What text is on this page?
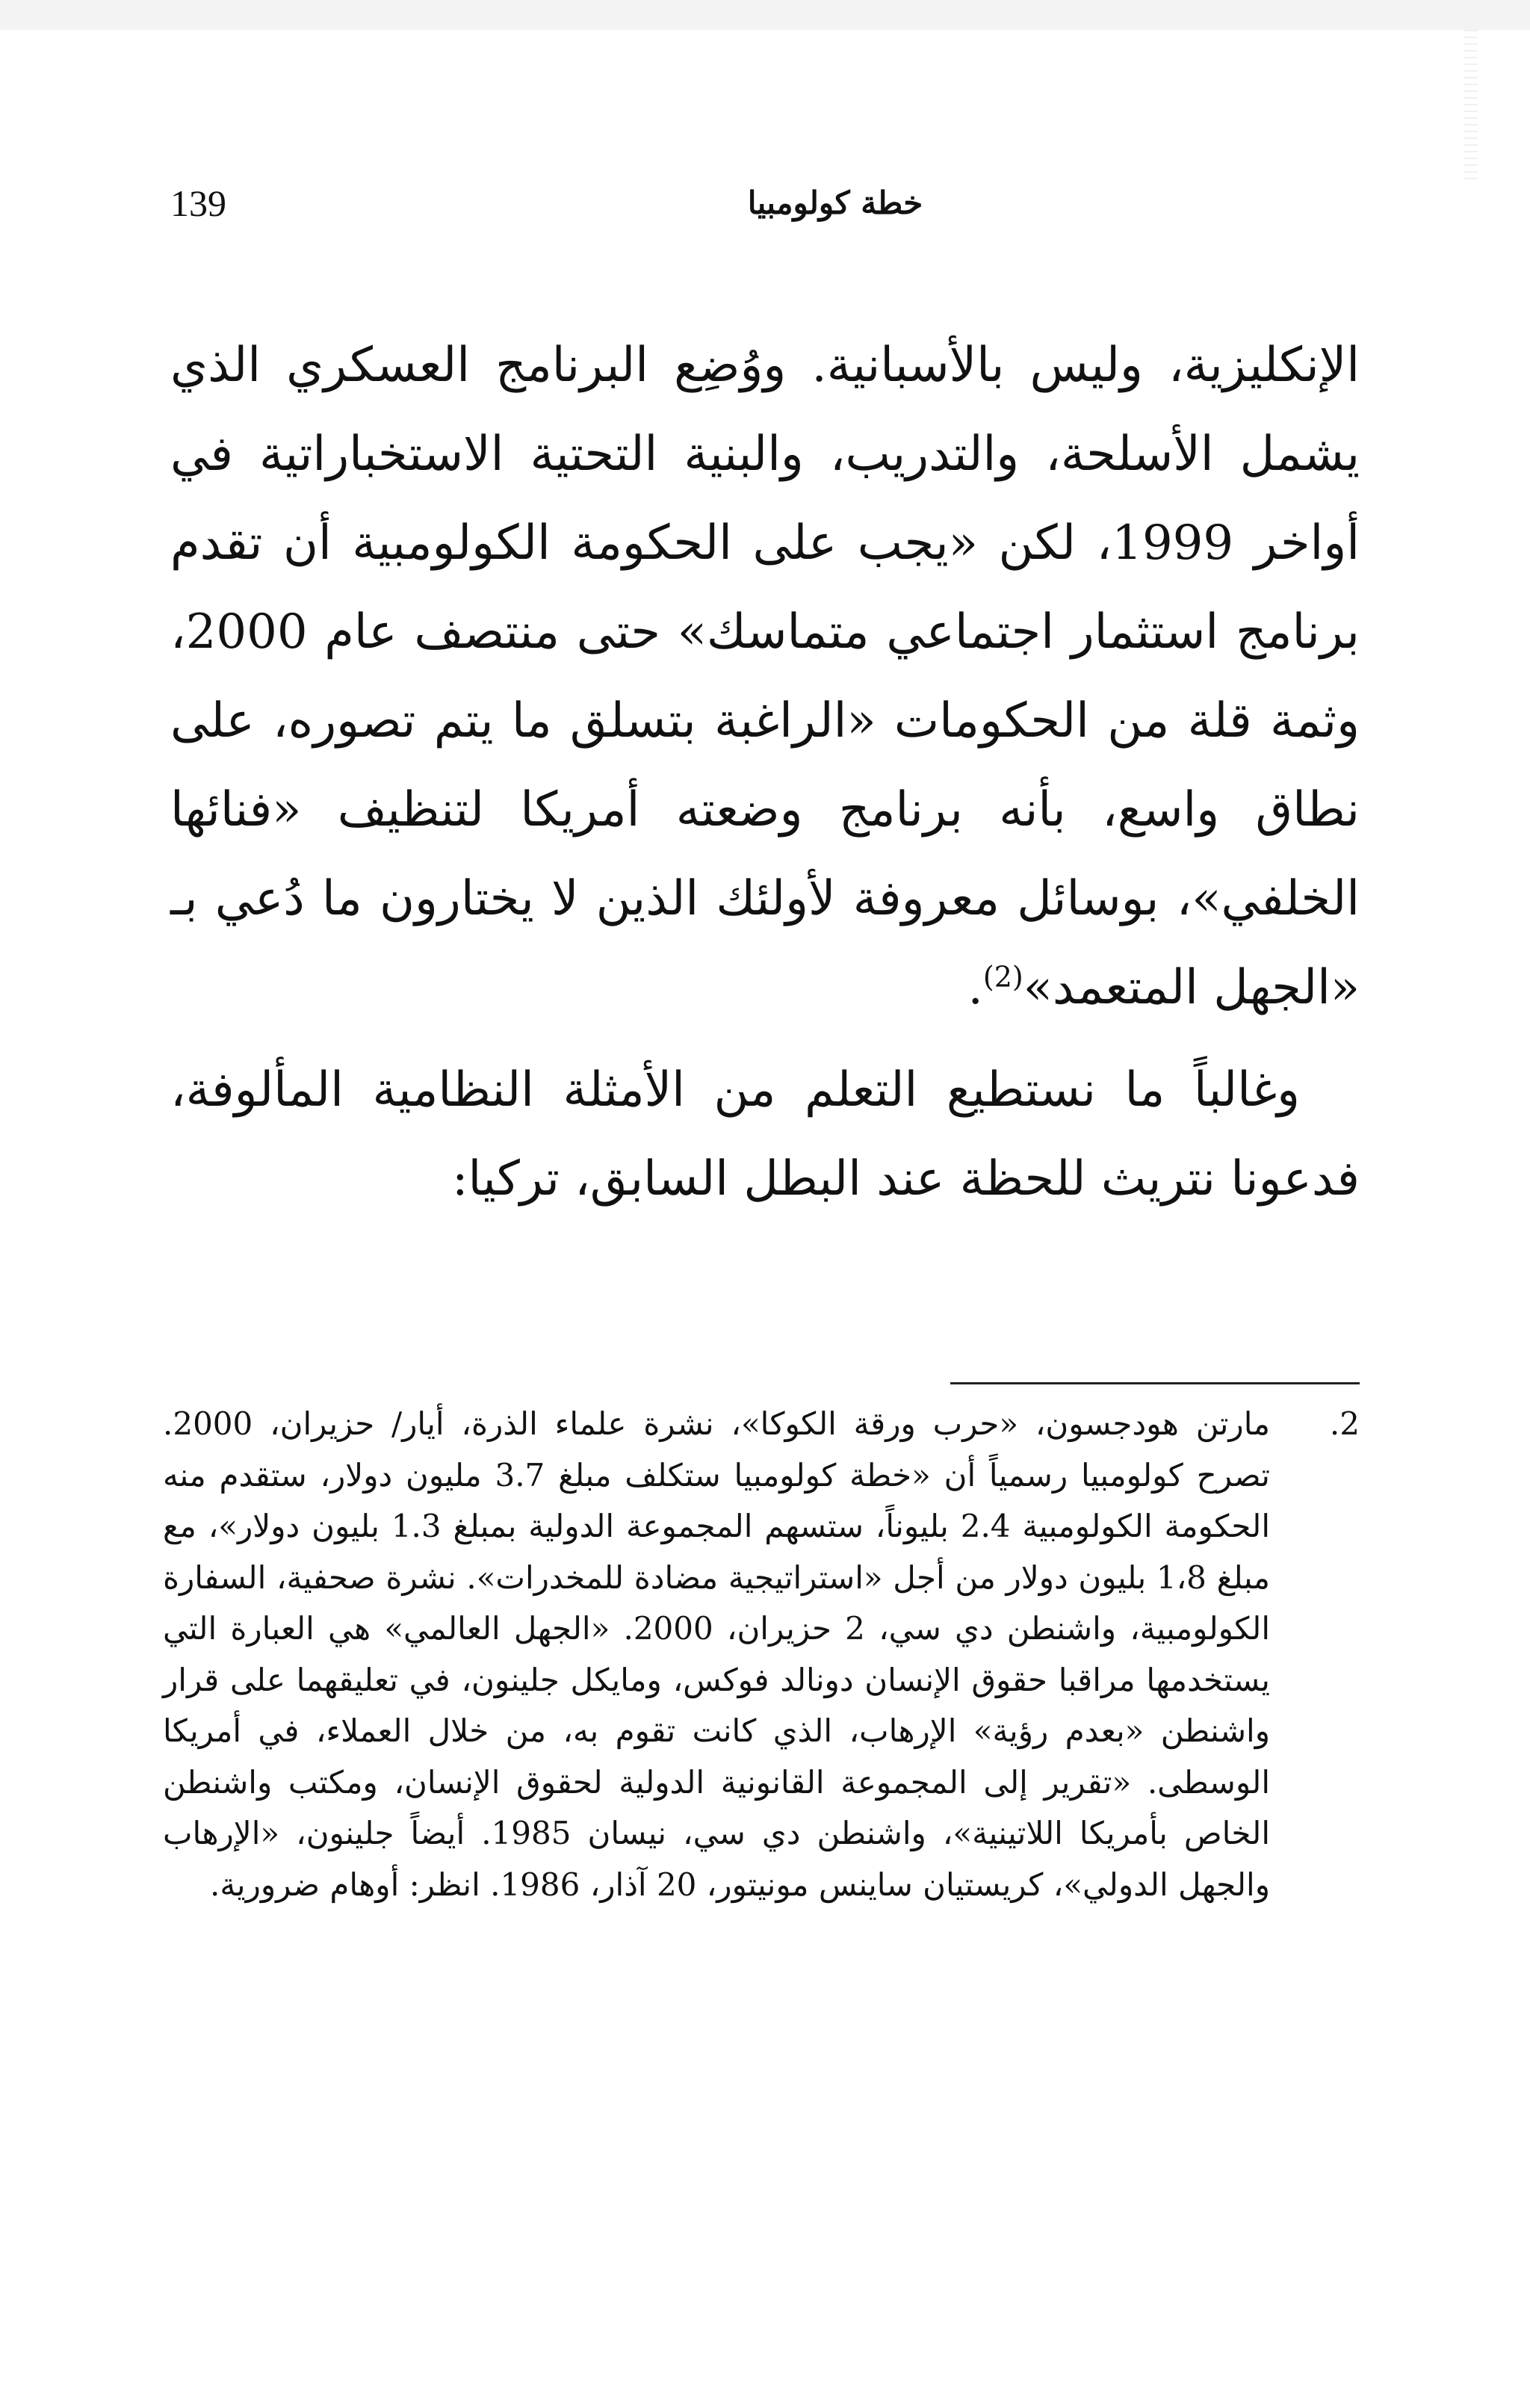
139	خطة كولومبيا

الإنكليزية، وليس بالأسبانية. ووُضِع البرنامج العسكري الذي يشمل الأسلحة، والتدريب، والبنية التحتية الاستخباراتية في أواخر 1999، لكن «يجب على الحكومة الكولومبية أن تقدم برنامج استثمار اجتماعي متماسك» حتى منتصف عام 2000، وثمة قلة من الحكومات «الراغبة بتسلق ما يتم تصوره، على نطاق واسع، بأنه برنامج وضعته أمريكا لتنظيف «فنائها الخلفي»، بوسائل معروفة لأولئك الذين لا يختارون ما دُعي بـ «الجهل المتعمد»$^{(2)}$.

وغالباً ما نستطيع التعلم من الأمثلة النظامية المألوفة، فدعونا نتريث للحظة عند البطل السابق، تركيا:

2.

مارتن هودجسون، «حرب ورقة الكوكا»، نشرة علماء الذرة، أيار/ حزيران، 2000. تصرح كولومبيا رسمياً أن «خطة كولومبيا ستكلف مبلغ 3.7 مليون دولار، ستقدم منه الحكومة الكولومبية 2.4 بليوناً، ستسهم المجموعة الدولية بمبلغ 1.3 بليون دولار»، مع مبلغ 1،8 بليون دولار من أجل «استراتيجية مضادة للمخدرات». نشرة صحفية، السفارة الكولومبية، واشنطن دي سي، 2 حزيران، 2000. «الجهل العالمي» هي العبارة التي يستخدمها مراقبا حقوق الإنسان دونالد فوكس، ومايكل جلينون، في تعليقهما على قرار واشنطن «بعدم رؤية» الإرهاب، الذي كانت تقوم به، من خلال العملاء، في أمريكا الوسطى. «تقرير إلى المجموعة القانونية الدولية لحقوق الإنسان، ومكتب واشنطن الخاص بأمريكا اللاتينية»، واشنطن دي سي، نيسان 1985. أيضاً جلينون، «الإرهاب والجهل الدولي»، كريستيان ساينس مونيتور، 20 آذار، 1986. انظر: أوهام ضرورية.
